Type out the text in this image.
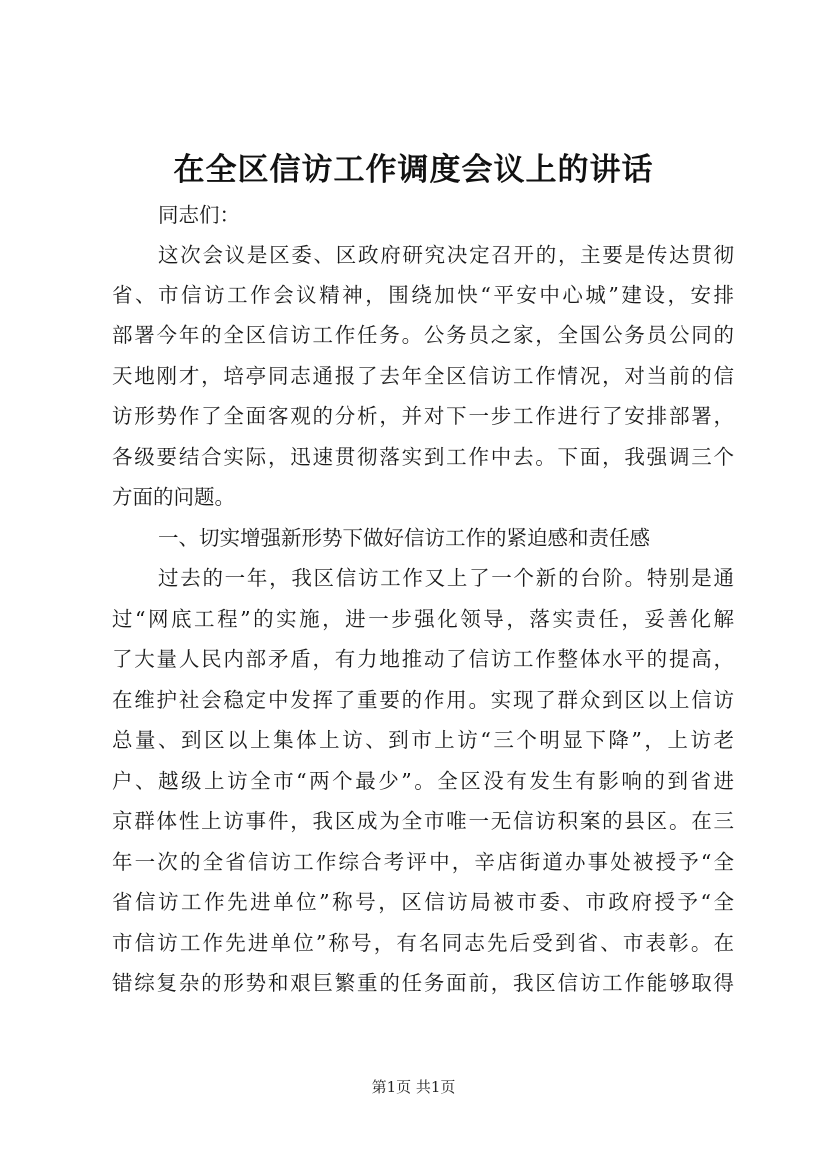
在全区信访工作调度会议上的讲话
同志们：
这次会议是区委、区政府研究决定召开的，主要是传达贯彻
省、市信访工作会议精神，围绕加快“平安中心城”建设，安排
部署今年的全区信访工作任务。公务员之家，全国公务员公同的
天地刚才，培亭同志通报了去年全区信访工作情况，对当前的信
访形势作了全面客观的分析，并对下一步工作进行了安排部署，
各级要结合实际，迅速贯彻落实到工作中去。下面，我强调三个
方面的问题。
一、切实增强新形势下做好信访工作的紧迫感和责任感
过去的一年，我区信访工作又上了一个新的台阶。特别是通
过“网底工程”的实施，进一步强化领导，落实责任，妥善化解
了大量人民内部矛盾，有力地推动了信访工作整体水平的提高，
在维护社会稳定中发挥了重要的作用。实现了群众到区以上信访
总量、到区以上集体上访、到市上访“三个明显下降”，上访老
户、越级上访全市“两个最少”。全区没有发生有影响的到省进
京群体性上访事件，我区成为全市唯一无信访积案的县区。在三
年一次的全省信访工作综合考评中，辛店街道办事处被授予“全
省信访工作先进单位”称号，区信访局被市委、市政府授予“全
市信访工作先进单位”称号，有名同志先后受到省、市表彰。在
错综复杂的形势和艰巨繁重的任务面前，我区信访工作能够取得
第1页 共1页
